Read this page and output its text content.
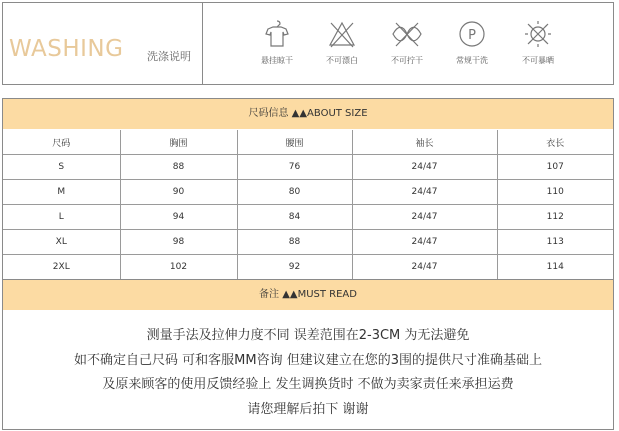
WASHING 洗涤说明	悬挂晾干	不可漂白	不可拧干
P
常规干洗	不可暴晒
尺码信息 ▲▲ABOUT SIZE
尺码	胸围	腰围	袖长	衣长
S	88	76	24/47	107
M	90	80	24/47	110
L	94	84	24/47	112
XL	98	88	24/47	113
2XL	102	92	24/47	114
备注 ▲▲MUST READ
测量手法及拉伸力度不同 误差范围在2-3CM 为无法避免
如不确定自己尺码 可和客服MM咨询 但建议建立在您的3围的提供尺寸准确基础上
及原来顾客的使用反馈经验上 发生调换货时 不做为卖家责任来承担运费
请您理解后拍下 谢谢
